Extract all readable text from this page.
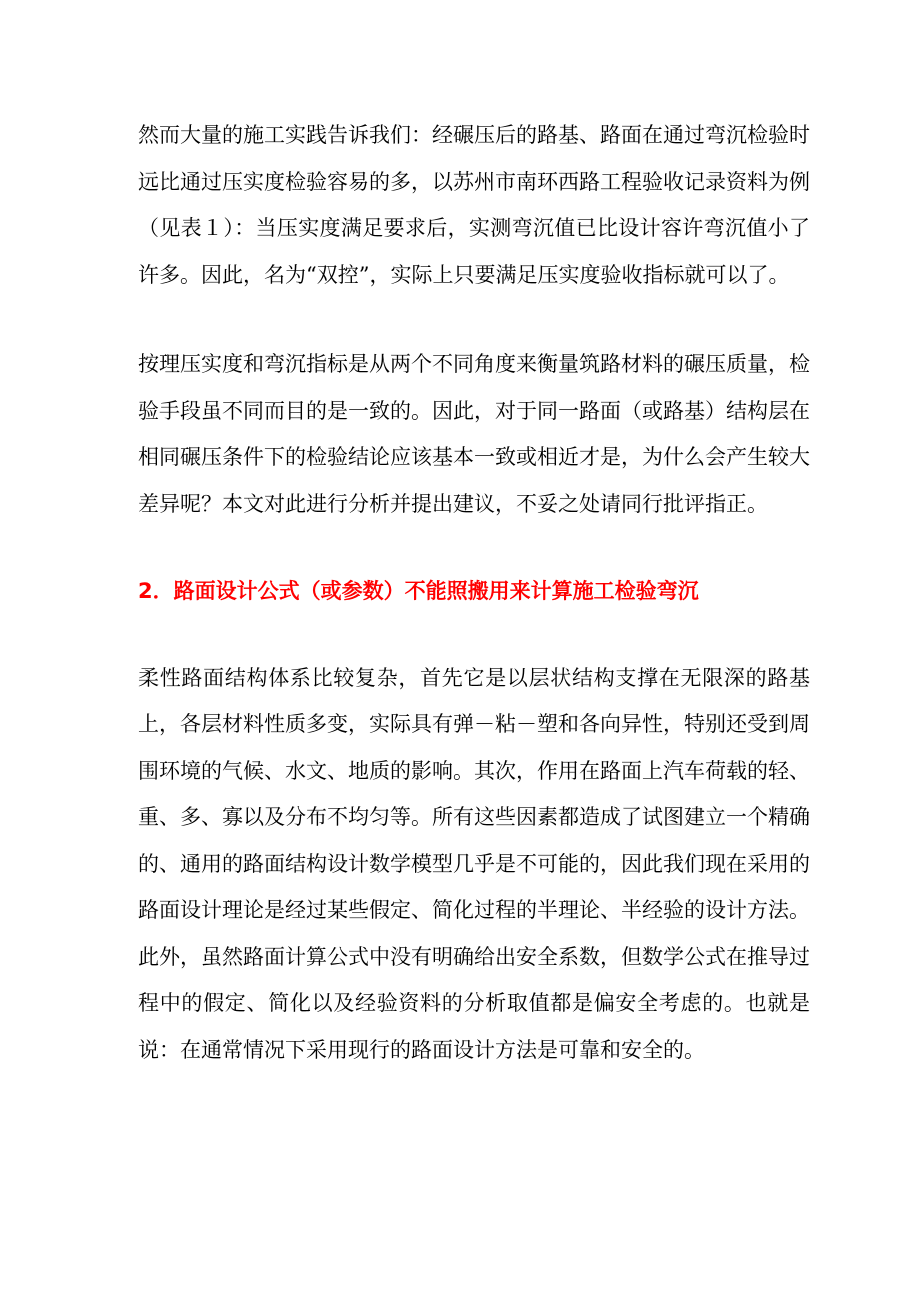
然而大量的施工实践告诉我们：经碾压后的路基、路面在通过弯沉检验时远比通过压实度检验容易的多，以苏州市南环西路工程验收记录资料为例（见表１）：当压实度满足要求后，实测弯沉值已比设计容许弯沉值小了许多。因此，名为“双控”，实际上只要满足压实度验收指标就可以了。

按理压实度和弯沉指标是从两个不同角度来衡量筑路材料的碾压质量，检验手段虽不同而目的是一致的。因此，对于同一路面（或路基）结构层在相同碾压条件下的检验结论应该基本一致或相近才是，为什么会产生较大差异呢？本文对此进行分析并提出建议，不妥之处请同行批评指正。

2．路面设计公式（或参数）不能照搬用来计算施工检验弯沉

柔性路面结构体系比较复杂，首先它是以层状结构支撑在无限深的路基上，各层材料性质多变，实际具有弹－粘－塑和各向异性，特别还受到周围环境的气候、水文、地质的影响。其次，作用在路面上汽车荷载的轻、重、多、寡以及分布不均匀等。所有这些因素都造成了试图建立一个精确的、通用的路面结构设计数学模型几乎是不可能的，因此我们现在采用的路面设计理论是经过某些假定、简化过程的半理论、半经验的设计方法。此外，虽然路面计算公式中没有明确给出安全系数，但数学公式在推导过程中的假定、简化以及经验资料的分析取值都是偏安全考虑的。也就是说：在通常情况下采用现行的路面设计方法是可靠和安全的。
